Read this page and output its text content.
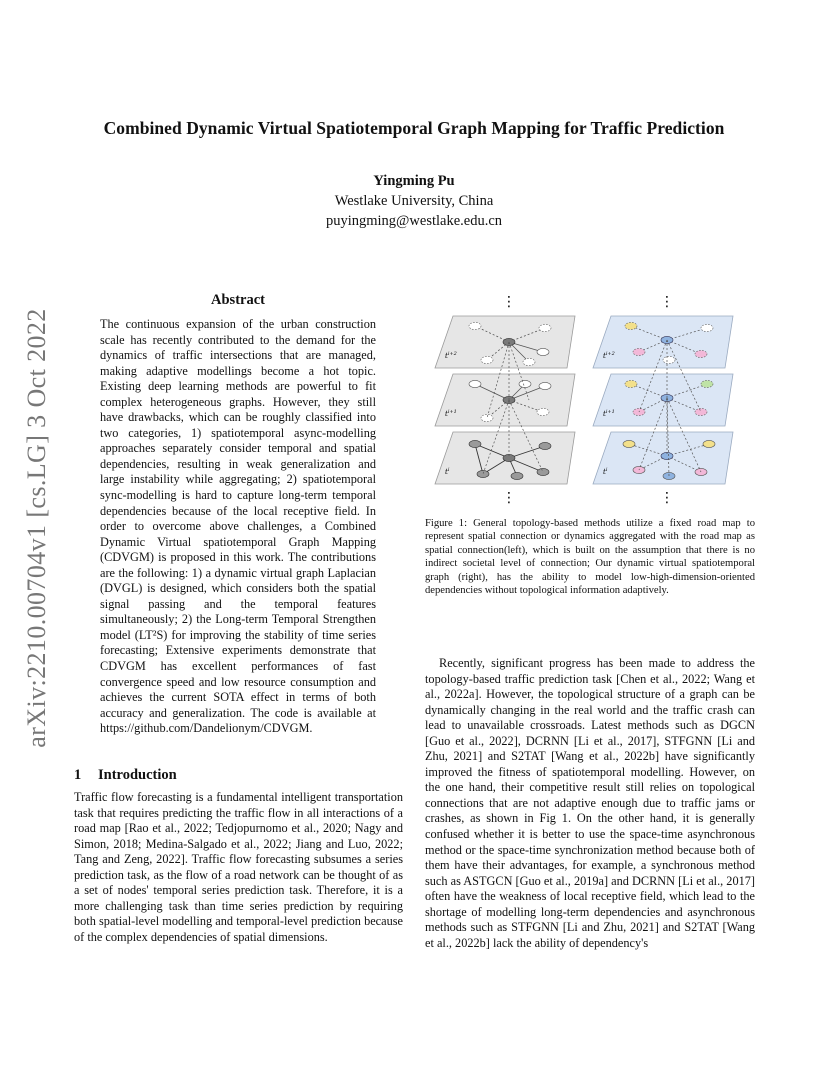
Combined Dynamic Virtual Spatiotemporal Graph Mapping for Traffic Prediction
Yingming Pu
Westlake University, China
puyingming@westlake.edu.cn
arXiv:2210.00704v1 [cs.LG] 3 Oct 2022
Abstract
The continuous expansion of the urban construction scale has recently contributed to the demand for the dynamics of traffic intersections that are managed, making adaptive modellings become a hot topic. Existing deep learning methods are powerful to fit complex heterogeneous graphs. However, they still have drawbacks, which can be roughly classified into two categories, 1) spatiotemporal async-modelling approaches separately consider temporal and spatial dependencies, resulting in weak generalization and large instability while aggregating; 2) spatiotemporal sync-modelling is hard to capture long-term temporal dependencies because of the local receptive field. In order to overcome above challenges, a Combined Dynamic Virtual spatiotemporal Graph Mapping (CDVGM) is proposed in this work. The contributions are the following: 1) a dynamic virtual graph Laplacian (DVGL) is designed, which considers both the spatial signal passing and the temporal features simultaneously; 2) the Long-term Temporal Strengthen model (LT²S) for improving the stability of time series forecasting; Extensive experiments demonstrate that CDVGM has excellent performances of fast convergence speed and low resource consumption and achieves the current SOTA effect in terms of both accuracy and generalization. The code is available at https://github.com/Dandelionym/CDVGM.
1 Introduction
Traffic flow forecasting is a fundamental intelligent transportation task that requires predicting the traffic flow in all interactions of a road map [Rao et al., 2022; Tedjopurnomo et al., 2020; Nagy and Simon, 2018; Medina-Salgado et al., 2022; Jiang and Luo, 2022; Tang and Zeng, 2022]. Traffic flow forecasting subsumes a series prediction task, as the flow of a road network can be thought of as a set of nodes' temporal series prediction task. Therefore, it is a more challenging task than time series prediction by requiring both spatial-level modelling and temporal-level prediction because of the complex dependencies of spatial dimensions.
⋮	⋮
$t^{i+2}$
$t^{i+1}$
$t^i$
$t^{i+2}$
$t^{i+1}$
$t^i$
⋮	⋮
Figure 1: General topology-based methods utilize a fixed road map to represent spatial connection or dynamics aggregated with the road map as spatial connection(left), which is built on the assumption that there is no indirect societal level of connection; Our dynamic virtual spatiotemporal graph (right), has the ability to model low-high-dimension-oriented dependencies without topological information adaptively.
Recently, significant progress has been made to address the topology-based traffic prediction task [Chen et al., 2022; Wang et al., 2022a]. However, the topological structure of a graph can be dynamically changing in the real world and the traffic crash can lead to unavailable crossroads. Latest methods such as DGCN [Guo et al., 2022], DCRNN [Li et al., 2017], STFGNN [Li and Zhu, 2021] and S2TAT [Wang et al., 2022b] have significantly improved the fitness of spatiotemporal modelling. However, on the one hand, their competitive result still relies on topological connections that are not adaptive enough due to traffic jams or crashes, as shown in Fig 1. On the other hand, it is generally confused whether it is better to use the space-time asynchronous method or the space-time synchronization method because both of them have their advantages, for example, a synchronous method such as ASTGCN [Guo et al., 2019a] and DCRNN [Li et al., 2017] often have the weakness of local receptive field, which lead to the shortage of modelling long-term dependencies and asynchronous methods such as STFGNN [Li and Zhu, 2021] and S2TAT [Wang et al., 2022b] lack the ability of dependency's
